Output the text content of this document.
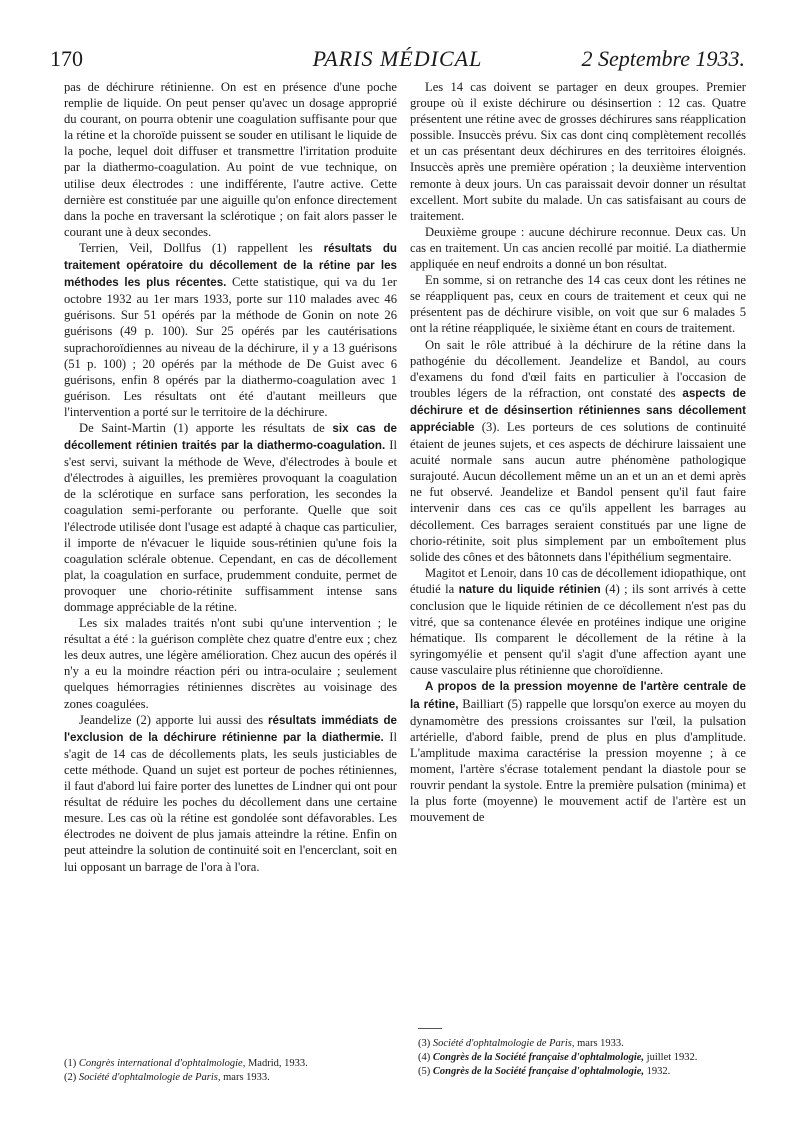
170	PARIS MÉDICAL	2 Septembre 1933.

pas de déchirure rétinienne. On est en présence d'une poche remplie de liquide. On peut penser qu'avec un dosage approprié du courant, on pourra obtenir une coagulation suffisante pour que la rétine et la choroïde puissent se souder en utilisant le liquide de la poche, lequel doit diffuser et transmettre l'irritation produite par la diathermo-coagulation. Au point de vue technique, on utilise deux électrodes : une indifférente, l'autre active. Cette dernière est constituée par une aiguille qu'on enfonce directement dans la poche en traversant la sclérotique ; on fait alors passer le courant une à deux secondes.

Terrien, Veil, Dollfus (1) rappellent les résultats du traitement opératoire du décollement de la rétine par les méthodes les plus récentes. Cette statistique, qui va du 1er octobre 1932 au 1er mars 1933, porte sur 110 malades avec 46 guérisons. Sur 51 opérés par la méthode de Gonin on note 26 guérisons (49 p. 100). Sur 25 opérés par les cautérisations suprachoroïdiennes au niveau de la déchirure, il y a 13 guérisons (51 p. 100) ; 20 opérés par la méthode de De Guist avec 6 guérisons, enfin 8 opérés par la diathermo-coagulation avec 1 guérison. Les résultats ont été d'autant meilleurs que l'intervention a porté sur le territoire de la déchirure.

De Saint-Martin (1) apporte les résultats de six cas de décollement rétinien traités par la diathermo-coagulation. Il s'est servi, suivant la méthode de Weve, d'électrodes à boule et d'électrodes à aiguilles, les premières provoquant la coagulation de la sclérotique en surface sans perforation, les secondes la coagulation semi-perforante ou perforante. Quelle que soit l'électrode utilisée dont l'usage est adapté à chaque cas particulier, il importe de n'évacuer le liquide sous-rétinien qu'une fois la coagulation sclérale obtenue. Cependant, en cas de décollement plat, la coagulation en surface, prudemment conduite, permet de provoquer une chorio-rétinite suffisamment intense sans dommage appréciable de la rétine.

Les six malades traités n'ont subi qu'une intervention ; le résultat a été : la guérison complète chez quatre d'entre eux ; chez les deux autres, une légère amélioration. Chez aucun des opérés il n'y a eu la moindre réaction péri ou intra-oculaire ; seulement quelques hémorragies rétiniennes discrètes au voisinage des zones coagulées.

Jeandelize (2) apporte lui aussi des résultats immédiats de l'exclusion de la déchirure rétinienne par la diathermie. Il s'agit de 14 cas de décollements plats, les seuls justiciables de cette méthode. Quand un sujet est porteur de poches rétiniennes, il faut d'abord lui faire porter des lunettes de Lindner qui ont pour résultat de réduire les poches du décollement dans une certaine mesure. Les cas où la rétine est gondolée sont défavorables. Les électrodes ne doivent de plus jamais atteindre la rétine. Enfin on peut atteindre la solution de continuité soit en l'encerclant, soit en lui opposant un barrage de l'ora à l'ora.

Les 14 cas doivent se partager en deux groupes. Premier groupe où il existe déchirure ou désinsertion : 12 cas. Quatre présentent une rétine avec de grosses déchirures sans réapplication possible. Insuccès prévu. Six cas dont cinq complètement recollés et un cas présentant deux déchirures en des territoires éloignés. Insuccès après une première opération ; la deuxième intervention remonte à deux jours. Un cas paraissait devoir donner un résultat excellent. Mort subite du malade. Un cas satisfaisant au cours de traitement.

Deuxième groupe : aucune déchirure reconnue. Deux cas. Un cas en traitement. Un cas ancien recollé par moitié. La diathermie appliquée en neuf endroits a donné un bon résultat.

En somme, si on retranche des 14 cas ceux dont les rétines ne se réappliquent pas, ceux en cours de traitement et ceux qui ne présentent pas de déchirure visible, on voit que sur 6 malades 5 ont la rétine réappliquée, le sixième étant en cours de traitement.

On sait le rôle attribué à la déchirure de la rétine dans la pathogénie du décollement. Jeandelize et Bandol, au cours d'examens du fond d'œil faits en particulier à l'occasion de troubles légers de la réfraction, ont constaté des aspects de déchirure et de désinsertion rétiniennes sans décollement appréciable (3). Les porteurs de ces solutions de continuité étaient de jeunes sujets, et ces aspects de déchirure laissaient une acuité normale sans aucun autre phénomène pathologique surajouté. Aucun décollement même un an et un an et demi après ne fut observé. Jeandelize et Bandol pensent qu'il faut faire intervenir dans ces cas ce qu'ils appellent les barrages au décollement. Ces barrages seraient constitués par une ligne de chorio-rétinite, soit plus simplement par un emboîtement plus solide des cônes et des bâtonnets dans l'épithélium segmentaire.

Magitot et Lenoir, dans 10 cas de décollement idiopathique, ont étudié la nature du liquide rétinien (4) ; ils sont arrivés à cette conclusion que le liquide rétinien de ce décollement n'est pas du vitré, que sa contenance élevée en protéines indique une origine hématique. Ils comparent le décollement de la rétine à la syringomyélie et pensent qu'il s'agit d'une affection ayant une cause vasculaire plus rétinienne que choroïdienne.

A propos de la pression moyenne de l'artère centrale de la rétine, Bailliart (5) rappelle que lorsqu'on exerce au moyen du dynamomètre des pressions croissantes sur l'œil, la pulsation artérielle, d'abord faible, prend de plus en plus d'amplitude. L'amplitude maxima caractérise la pression moyenne ; à ce moment, l'artère s'écrase totalement pendant la diastole pour se rouvrir pendant la systole. Entre la première pulsation (minima) et la plus forte (moyenne) le mouvement actif de l'artère est un mouvement de

(1) Congrès international d'ophtalmologie, Madrid, 1933.

(2) Société d'ophtalmologie de Paris, mars 1933.

(3) Société d'ophtalmologie de Paris, mars 1933.

(4) Congrès de la Société française d'ophtalmologie, juillet 1932.

(5) Congrès de la Société française d'ophtalmologie, 1932.
